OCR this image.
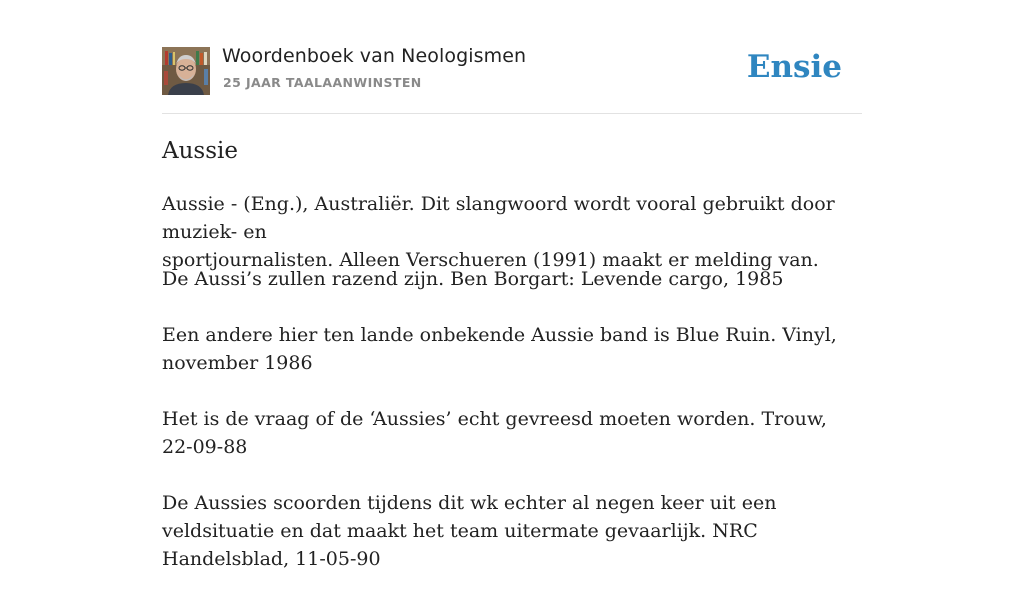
Woordenboek van Neologismen
25 JAAR TAALAANWINSTEN	Ensie
Aussie

Aussie - (Eng.), Australiër. Dit slangwoord wordt vooral gebruikt door muziek- en
sportjournalisten. Alleen Verschueren (1991) maakt er melding van.

De Aussi’s zullen razend zijn. Ben Borgart: Levende cargo, 1985
Een andere hier ten lande onbekende Aussie band is Blue Ruin. Vinyl, november 1986
Het is de vraag of de ‘Aussies’ echt gevreesd moeten worden. Trouw, 22-09-88
De Aussies scoorden tijdens dit wk echter al negen keer uit een veldsituatie en dat maakt het team uitermate gevaarlijk. NRC Handelsblad, 11-05-90
